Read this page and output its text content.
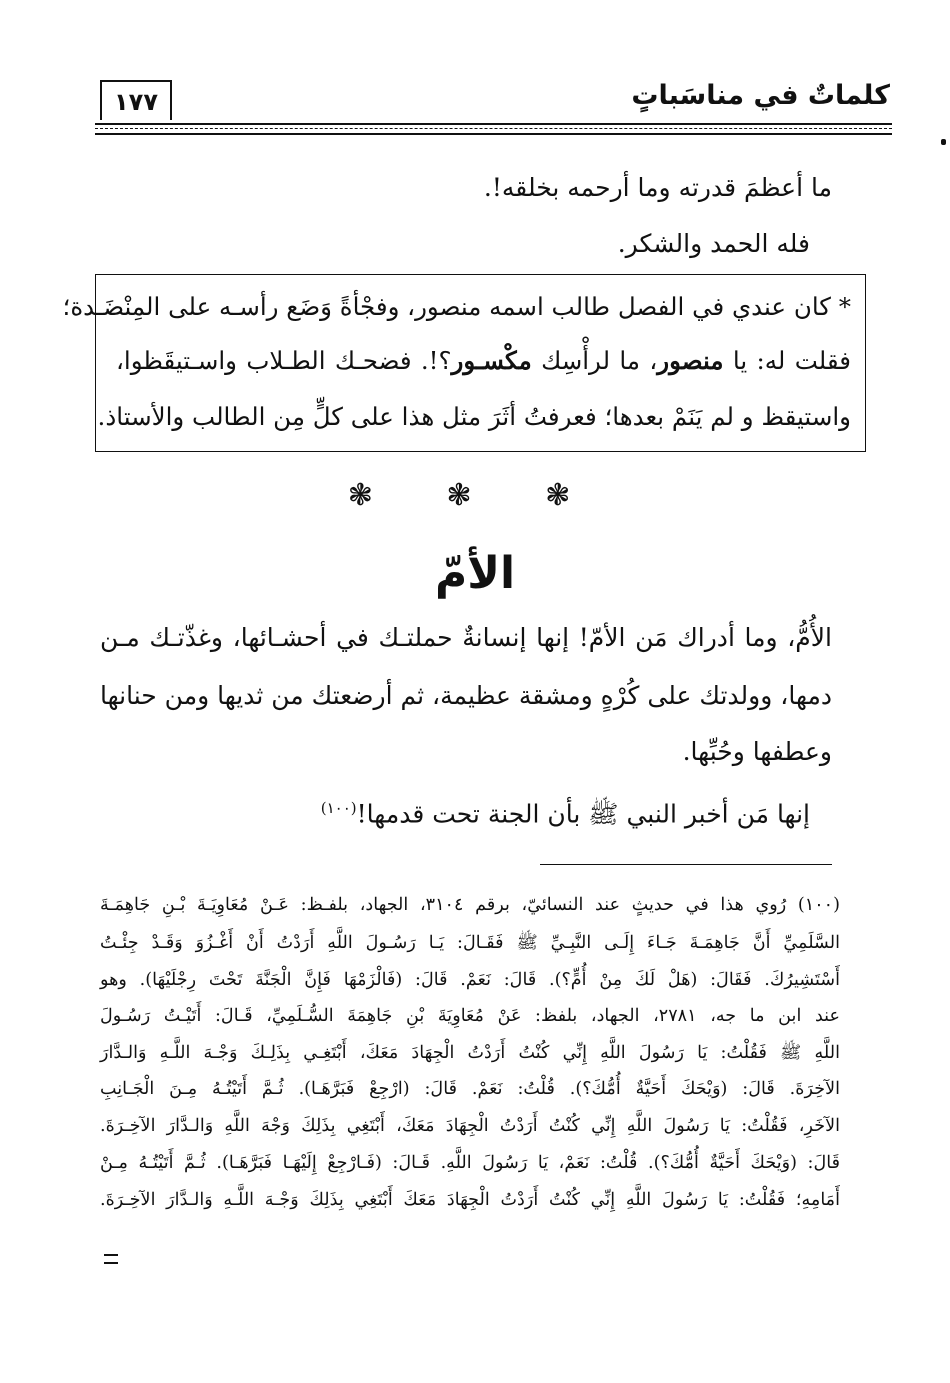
١٧٧	كلماتٌ في مناسَباتٍ
ما أعظمَ قدرته وما أرحمه بخلقه!.
فله الحمد والشكر.
* كان عندي في الفصل طالب اسمه منصور، وفجْأةً وَضَع رأسـه على المِنْضَـدة؛
فقلت له: يا منصور، ما لرأْسِك مكْسـور؟!. فضحـك الطـلاب واسـتيقَظوا،
واستيقظ و لم يَنَمْ بعدها؛ فعرفتُ أثَرَ مثل هذا على كلٍّ مِن الطالب والأستاذ.
❃ ❃ ❃
الأمّ
الأُمُّ، وما أدراك مَن الأمّ! إنها إنسانةٌ حملتـك في أحشـائها، وغذّتـك مـن
دمها، وولدتك على كُرْهٍ ومشقة عظيمة، ثم أرضعتك من ثديها ومن حنانها
وعطفها وحُبِّها.
إنها مَن أخبر النبي ﷺ بأن الجنة تحت قدمها!$^{(١٠٠)}$
(١٠٠) رُوي هذا في حديثٍ عند النسائيّ، برقم ٣١٠٤، الجهاد، بلفـظ: عَـنْ مُعَاوِيَـةَ بْـنِ جَاهِمَـةَ
السَّلَمِيِّ أَنَّ جَاهِمَـةَ جَـاءَ إِلَـى النَّبِـيِّ ﷺ فَقَـالَ: يَـا رَسُـولَ اللَّهِ أَرَدْتُ أَنْ أَغْـزُوَ وَقَـدْ جِئْـتُ
أَسْتَشِيرُكَ. فَقَالَ: (هَلْ لَكَ مِنْ أُمٍّ؟). قَالَ: نَعَمْ. قَالَ: (فَالْزَمْهَا فَإِنَّ الْجَنَّةَ تَحْتَ رِجْلَيْهَا). وهو
عند ابن ما جه، ٢٧٨١، الجهاد، بلفظ: عَنْ مُعَاوِيَةَ بْنِ جَاهِمَةَ السُّـلَمِيِّ، قَـالَ: أَتَيْـتُ رَسُـولَ
اللَّهِ ﷺ فَقُلْتُ: يَا رَسُولَ اللَّهِ إِنِّي كُنْتُ أَرَدْتُ الْجِهَادَ مَعَكَ، أَبْتَغِـي بِذَلِـكَ وَجْـهَ اللَّـهِ وَالـدَّارَ
الآخِرَةَ. قَالَ: (وَيْحَكَ أَحَيَّةٌ أُمُّكَ؟). قُلْتُ: نَعَمْ. قَالَ: (ارْجِعْ فَبَرَّهَـا). ثُـمَّ أَتَيْتُـهُ مِـنَ الْجَـانِبِ
الآخَرِ، فَقُلْتُ: يَا رَسُولَ اللَّهِ إِنِّي كُنْتُ أَرَدْتُ الْجِهَادَ مَعَكَ، أَبْتَغِي بِذَلِكَ وَجْهَ اللَّهِ وَالـدَّارَ الآخِـرَةَ.
قَالَ: (وَيْحَكَ أَحَيَّةٌ أُمُّكَ؟). قُلْتُ: نَعَمْ، يَا رَسُولَ اللَّهِ. قَـالَ: (فَـارْجِعْ إِلَيْهَـا فَبَرَّهَـا). ثُـمَّ أَتَيْتُـهُ مِـنْ
أَمَامِهِ؛ فَقُلْتُ: يَا رَسُولَ اللَّهِ إِنِّي كُنْتُ أَرَدْتُ الْجِهَادَ مَعَكَ أَبْتَغِي بِذَلِكَ وَجْـهَ اللَّـهِ وَالـدَّارَ الآخِـرَةَ.
